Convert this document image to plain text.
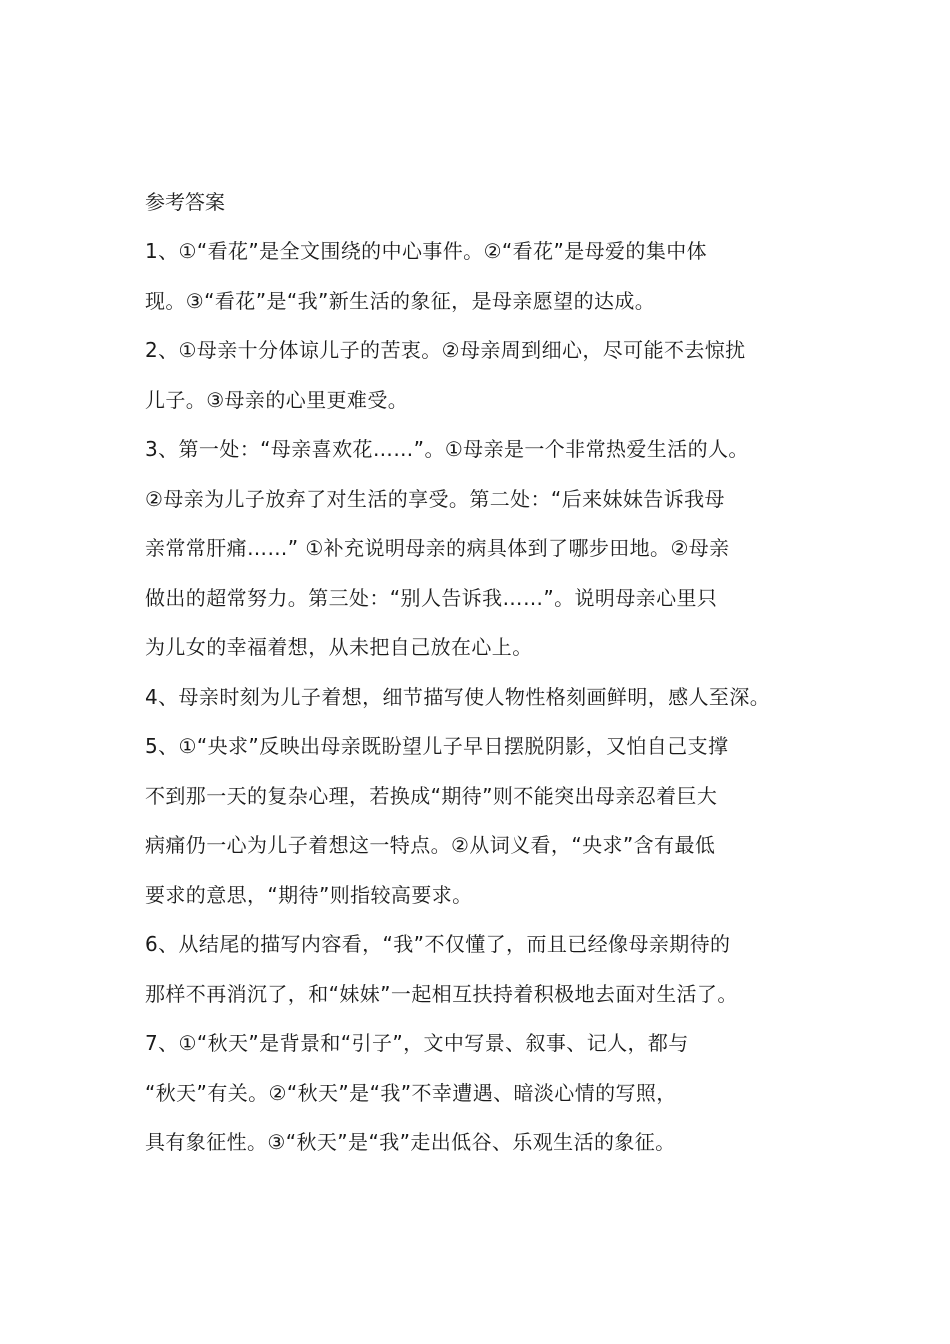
参考答案

1、①“看花”是全文围绕的中心事件。②“看花”是母爱的集中体

现。③“看花”是“我”新生活的象征，是母亲愿望的达成。

2、①母亲十分体谅儿子的苦衷。②母亲周到细心，尽可能不去惊扰

儿子。③母亲的心里更难受。

3、第一处：“母亲喜欢花……”。①母亲是一个非常热爱生活的人。

②母亲为儿子放弃了对生活的享受。第二处：“后来妹妹告诉我母

亲常常肝痛……” ①补充说明母亲的病具体到了哪步田地。②母亲

做出的超常努力。第三处：“别人告诉我……”。说明母亲心里只

为儿女的幸福着想，从未把自己放在心上。

4、母亲时刻为儿子着想，细节描写使人物性格刻画鲜明，感人至深。

5、①“央求”反映出母亲既盼望儿子早日摆脱阴影，又怕自己支撑

不到那一天的复杂心理，若换成“期待”则不能突出母亲忍着巨大

病痛仍一心为儿子着想这一特点。②从词义看，“央求”含有最低

要求的意思，“期待”则指较高要求。

6、从结尾的描写内容看，“我”不仅懂了，而且已经像母亲期待的

那样不再消沉了，和“妹妹”一起相互扶持着积极地去面对生活了。

7、①“秋天”是背景和“引子”，文中写景、叙事、记人，都与

“秋天”有关。②“秋天”是“我”不幸遭遇、暗淡心情的写照，

具有象征性。③“秋天”是“我”走出低谷、乐观生活的象征。
